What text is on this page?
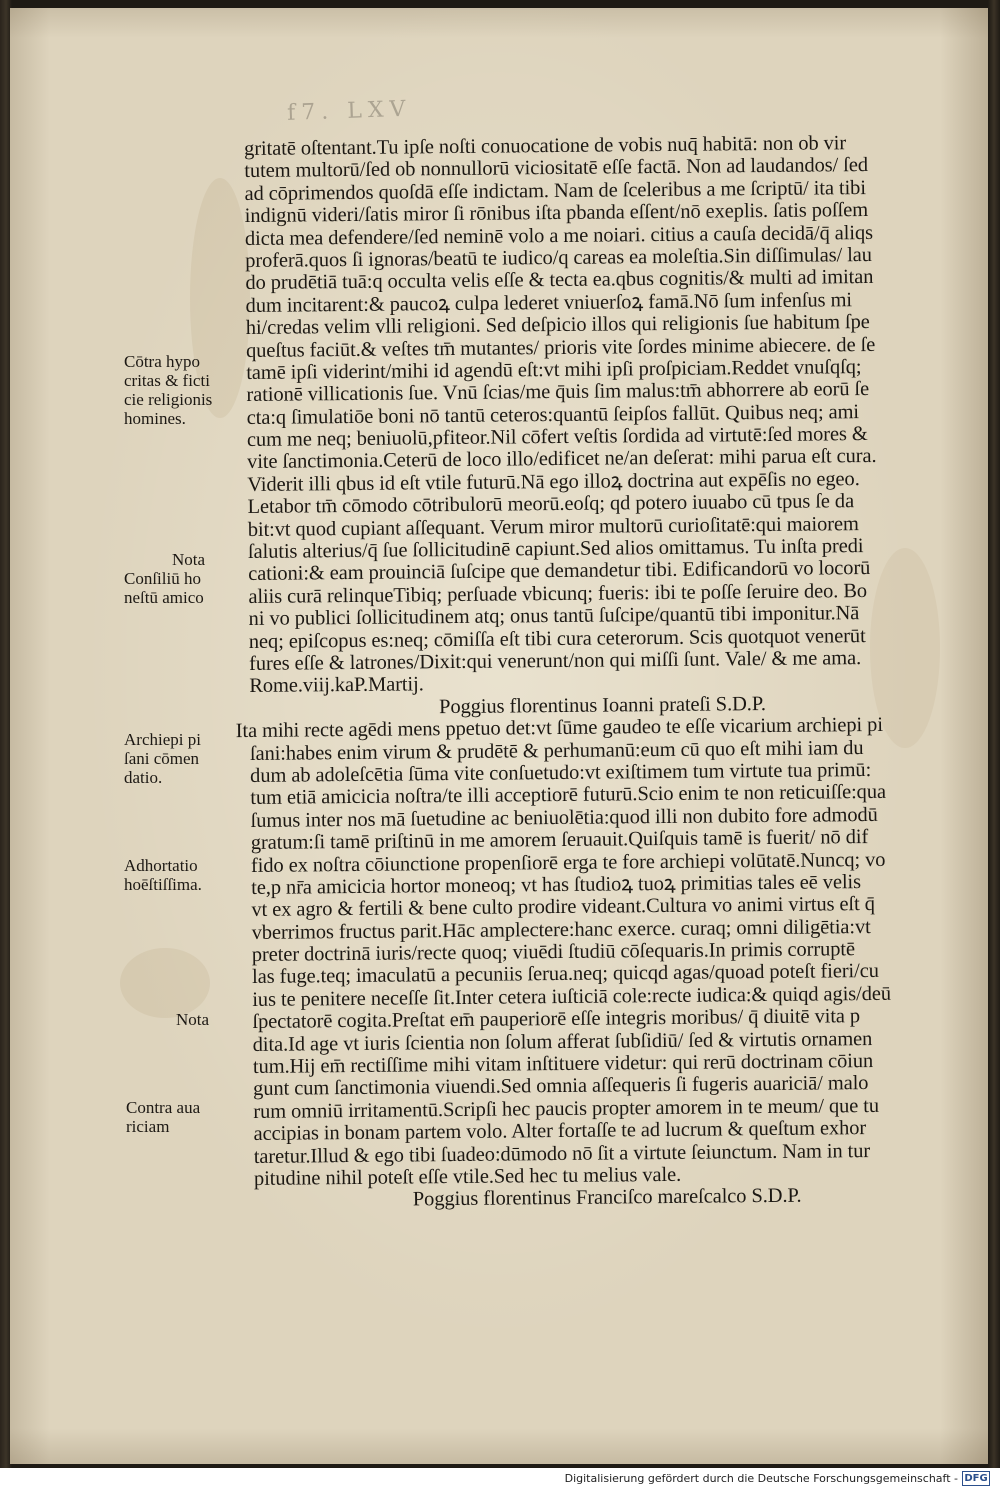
f7. LXV
Cōtra hypo
critas & ficti
cie religionis
homines.
Nota
Conſiliū ho
neſtū amico
Archiepi pi
ſani cōmen
datio.
Adhortatio
hoēſtiſſima.
Nota
Contra aua
riciam
gritatē oſtentant.Tu ipſe noſti conuocatione de vobis nuq̄ habitā: non ob vir
tutem multorū/ſed ob nonnullorū viciositatē eſſe factā. Non ad laudandos/ ſed
ad cōprimendos quoſdā eſſe indictam. Nam de ſceleribus a me ſcriptū/ ita tibi
indignū videri/ſatis miror ſi rōnibus iſta pbanda eſſent/nō exeplis. ſatis poſſem
dicta mea defendere/ſed neminē volo a me noiari. citius a cauſa decidā/q̄ aliqs
proferā.quos ſi ignoras/beatū te iudico/q careas ea moleſtia.Sin diſſimulas/ lau
do prudētiā tuā:q occulta velis eſſe & tecta ea.qbus cognitis/& multi ad imitan
dum incitarent:& paucoꝝ culpa lederet vniuerſoꝝ famā.Nō ſum infenſus mi
hi/credas velim vlli religioni. Sed deſpicio illos qui religionis ſue habitum ſpe
queſtus faciūt.& veſtes tm̄ mutantes/ prioris vite ſordes minime abiecere. de ſe
tamē ipſi viderint/mihi id agendū eſt:vt mihi ipſi proſpiciam.Reddet vnuſqſq;
rationē villicationis ſue. Vnū ſcias/me q̄uis ſim malus:tm̄ abhorrere ab eorū ſe
cta:q ſimulatiōe boni nō tantū ceteros:quantū ſeipſos fallūt. Quibus neq; ami
cum me neq; beniuolū,pfiteor.Nil cōfert veſtis ſordida ad virtutē:ſed mores &
vite ſanctimonia.Ceterū de loco illo/edificet ne/an deſerat: mihi parua eſt cura.
Viderit illi qbus id eſt vtile futurū.Nā ego illoꝝ doctrina aut expēſis no egeo.
Letabor tm̄ cōmodo cōtribulorū meorū.eoſq; qd potero iuuabo cū tpus ſe da
bit:vt quod cupiant aſſequant. Verum miror multorū curioſitatē:qui maiorem
ſalutis alterius/q̄ ſue ſollicitudinē capiunt.Sed alios omittamus. Tu inſta predi
cationi:& eam prouinciā ſuſcipe que demandetur tibi. Edificandorū vo locorū
aliis curā relinqueTibiq; perſuade vbicunq; fueris: ibi te poſſe ſeruire deo. Bo
ni vo publici ſollicitudinem atq; onus tantū ſuſcipe/quantū tibi imponitur.Nā
neq; epiſcopus es:neq; cōmiſſa eſt tibi cura ceterorum. Scis quotquot venerūt
fures eſſe & latrones/Dixit:qui venerunt/non qui miſſi ſunt. Vale/ & me ama.
Rome.viij.kaP.Martij.
Poggius florentinus Ioanni prateſi S.D.P.
Ita mihi recte agēdi mens ppetuo det:vt ſūme gaudeo te eſſe vicarium archiepi pi
ſani:habes enim virum & prudētē & perhumanū:eum cū quo eſt mihi iam du
dum ab adoleſcētia ſūma vite conſuetudo:vt exiſtimem tum virtute tua primū:
tum etiā amicicia noſtra/te illi acceptiorē futurū.Scio enim te non reticuiſſe:qua
ſumus inter nos mā ſuetudine ac beniuolētia:quod illi non dubito fore admodū
gratum:ſi tamē priſtinū in me amorem ſeruauit.Quiſquis tamē is fuerit/ nō dif
fido ex noſtra cōiunctione propenſiorē erga te fore archiepi volūtatē.Nuncq; vo
te,p nr̄a amicicia hortor moneoq; vt has ſtudioꝝ tuoꝝ primitias tales eē velis
vt ex agro & fertili & bene culto prodire videant.Cultura vo animi virtus eſt q̄
vberrimos fructus parit.Hāc amplectere:hanc exerce. curaq; omni diligētia:vt
preter doctrinā iuris/recte quoq; viuēdi ſtudiū cōſequaris.In primis corruptē
las fuge.teq; imaculatū a pecuniis ſerua.neq; quicqd agas/quoad poteſt fieri/cu
ius te penitere neceſſe ſit.Inter cetera iuſticiā cole:recte iudica:& quiqd agis/deū
ſpectatorē cogita.Preſtat em̄ pauperiorē eſſe integris moribus/ q̄ diuitē vita p
dita.Id age vt iuris ſcientia non ſolum afferat ſubſidiū/ ſed & virtutis ornamen
tum.Hij em̄ rectiſſime mihi vitam inſtituere videtur: qui rerū doctrinam cōiun
gunt cum ſanctimonia viuendi.Sed omnia aſſequeris ſi fugeris auariciā/ malo
rum omniū irritamentū.Scripſi hec paucis propter amorem in te meum/ que tu
accipias in bonam partem volo. Alter fortaſſe te ad lucrum & queſtum exhor
taretur.Illud & ego tibi ſuadeo:dūmodo nō ſit a virtute ſeiunctum. Nam in tur
pitudine nihil poteſt eſſe vtile.Sed hec tu melius vale.
Poggius florentinus Franciſco mareſcalco S.D.P.
Digitalisierung gefördert durch die Deutsche Forschungsgemeinschaft - DFG
